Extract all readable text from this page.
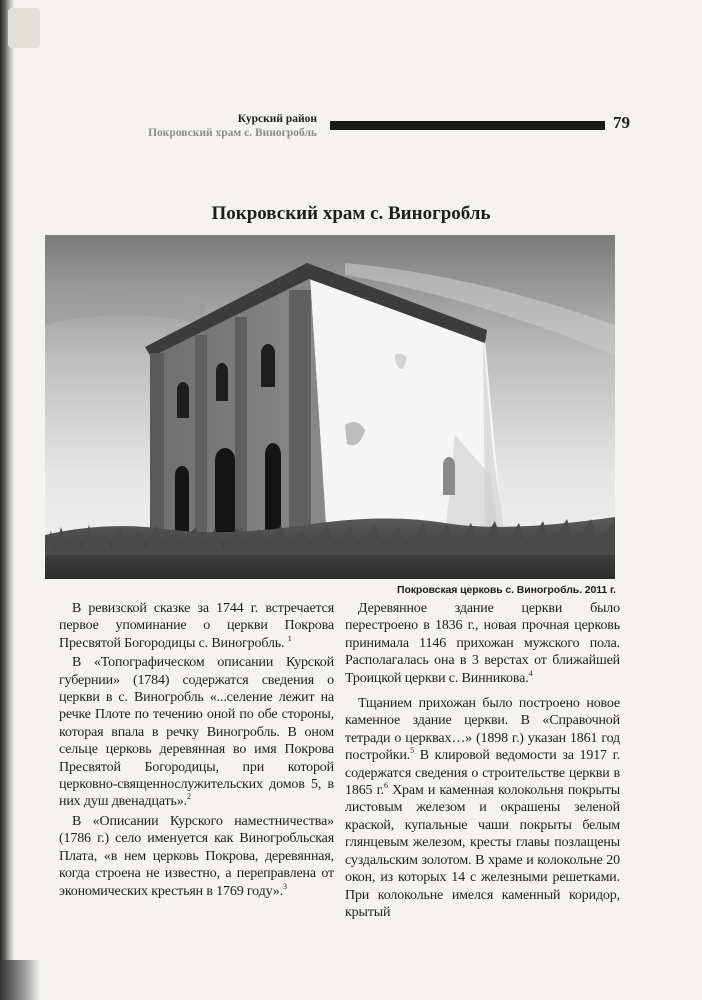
Курский район
Покровский храм с. Виногробль
79
Покровский храм с. Виногробль
Покровская церковь с. Виногробль. 2011 г.

В ревизской сказке за 1744 г. встречается первое упоминание о церкви Покрова Пресвятой Богородицы с. Виногробль. $^1$

В «Топографическом описании Курской губернии» (1784) содержатся сведения о церкви в с. Виногробль «...селение лежит на речке Плоте по течению оной по обе стороны, которая впала в речку Виногробль. В оном сельце церковь деревянная во имя Покрова Пресвятой Богородицы, при которой церковно-священнослужительских домов 5, в них душ двенадцать».$^2$

В «Описании Курского наместничества» (1786 г.) село именуется как Виногробльская Плата, «в нем церковь Покрова, деревянная, когда строена не известно, а переправлена от экономических крестьян в 1769 году».$^3$

Деревянное здание церкви было перестроено в 1836 г., новая прочная церковь принимала 1146 прихожан мужского пола. Располагалась она в 3 верстах от ближайшей Троицкой церкви с. Винникова.$^4$

Тщанием прихожан было построено новое каменное здание церкви. В «Справочной тетради о церквах…» (1898 г.) указан 1861 год постройки.$^5$ В клировой ведомости за 1917 г. содержатся сведения о строительстве церкви в 1865 г.$^6$ Храм и каменная колокольня покрыты листовым железом и окрашены зеленой краской, купальные чаши покрыты белым глянцевым железом, кресты главы позлащены суздальским золотом. В храме и колокольне 20 окон, из которых 14 с железными решетками. При колокольне имелся каменный коридор, крытый
